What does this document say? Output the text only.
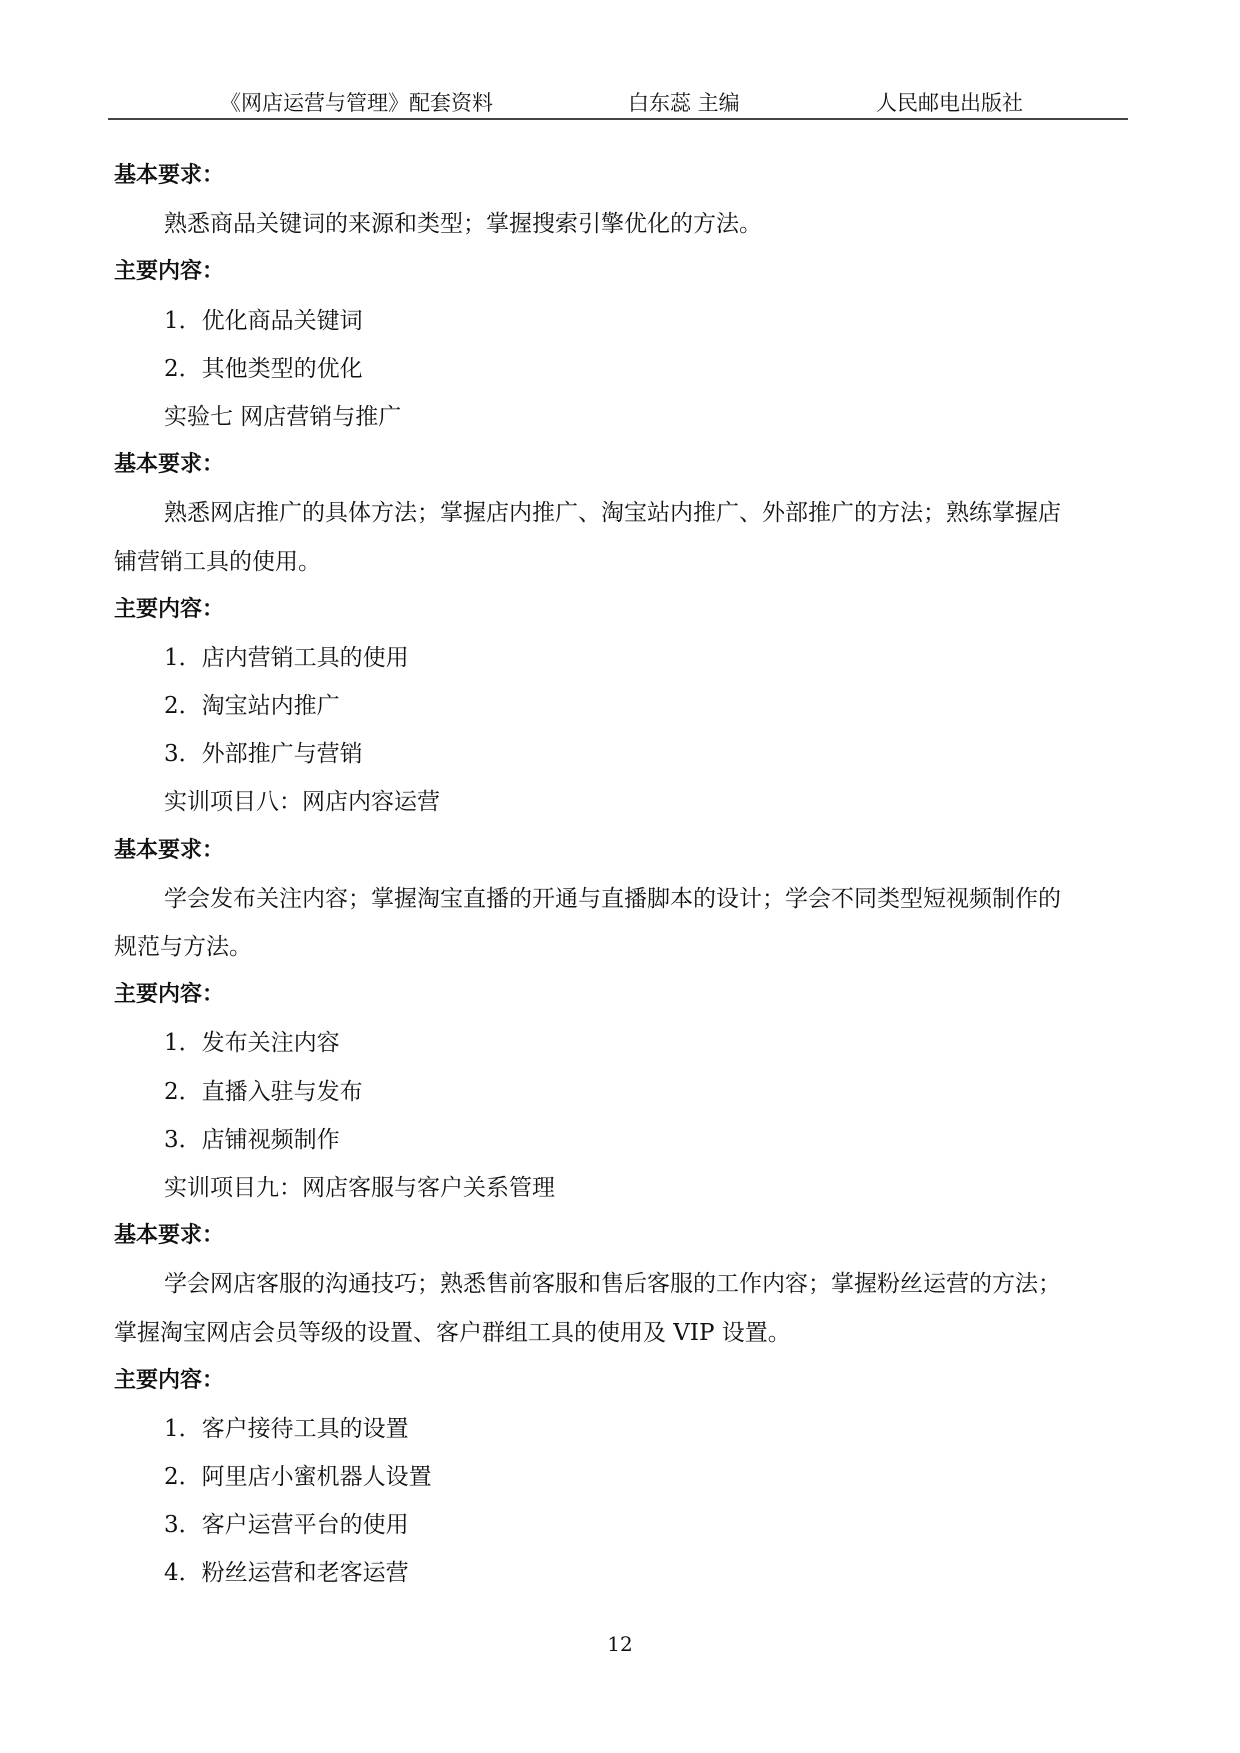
《网店运营与管理》配套资料	白东蕊 主编	人民邮电出版社
基本要求：
熟悉商品关键词的来源和类型；掌握搜索引擎优化的方法。
主要内容：
1．优化商品关键词
2．其他类型的优化
实验七 网店营销与推广
基本要求：
熟悉网店推广的具体方法；掌握店内推广、淘宝站内推广、外部推广的方法；熟练掌握店
铺营销工具的使用。
主要内容：
1．店内营销工具的使用
2．淘宝站内推广
3．外部推广与营销
实训项目八：网店内容运营
基本要求：
学会发布关注内容；掌握淘宝直播的开通与直播脚本的设计；学会不同类型短视频制作的
规范与方法。
主要内容：
1．发布关注内容
2．直播入驻与发布
3．店铺视频制作
实训项目九：网店客服与客户关系管理
基本要求：
学会网店客服的沟通技巧；熟悉售前客服和售后客服的工作内容；掌握粉丝运营的方法；
掌握淘宝网店会员等级的设置、客户群组工具的使用及 VIP 设置。
主要内容：
1．客户接待工具的设置
2．阿里店小蜜机器人设置
3．客户运营平台的使用
4．粉丝运营和老客运营
12
